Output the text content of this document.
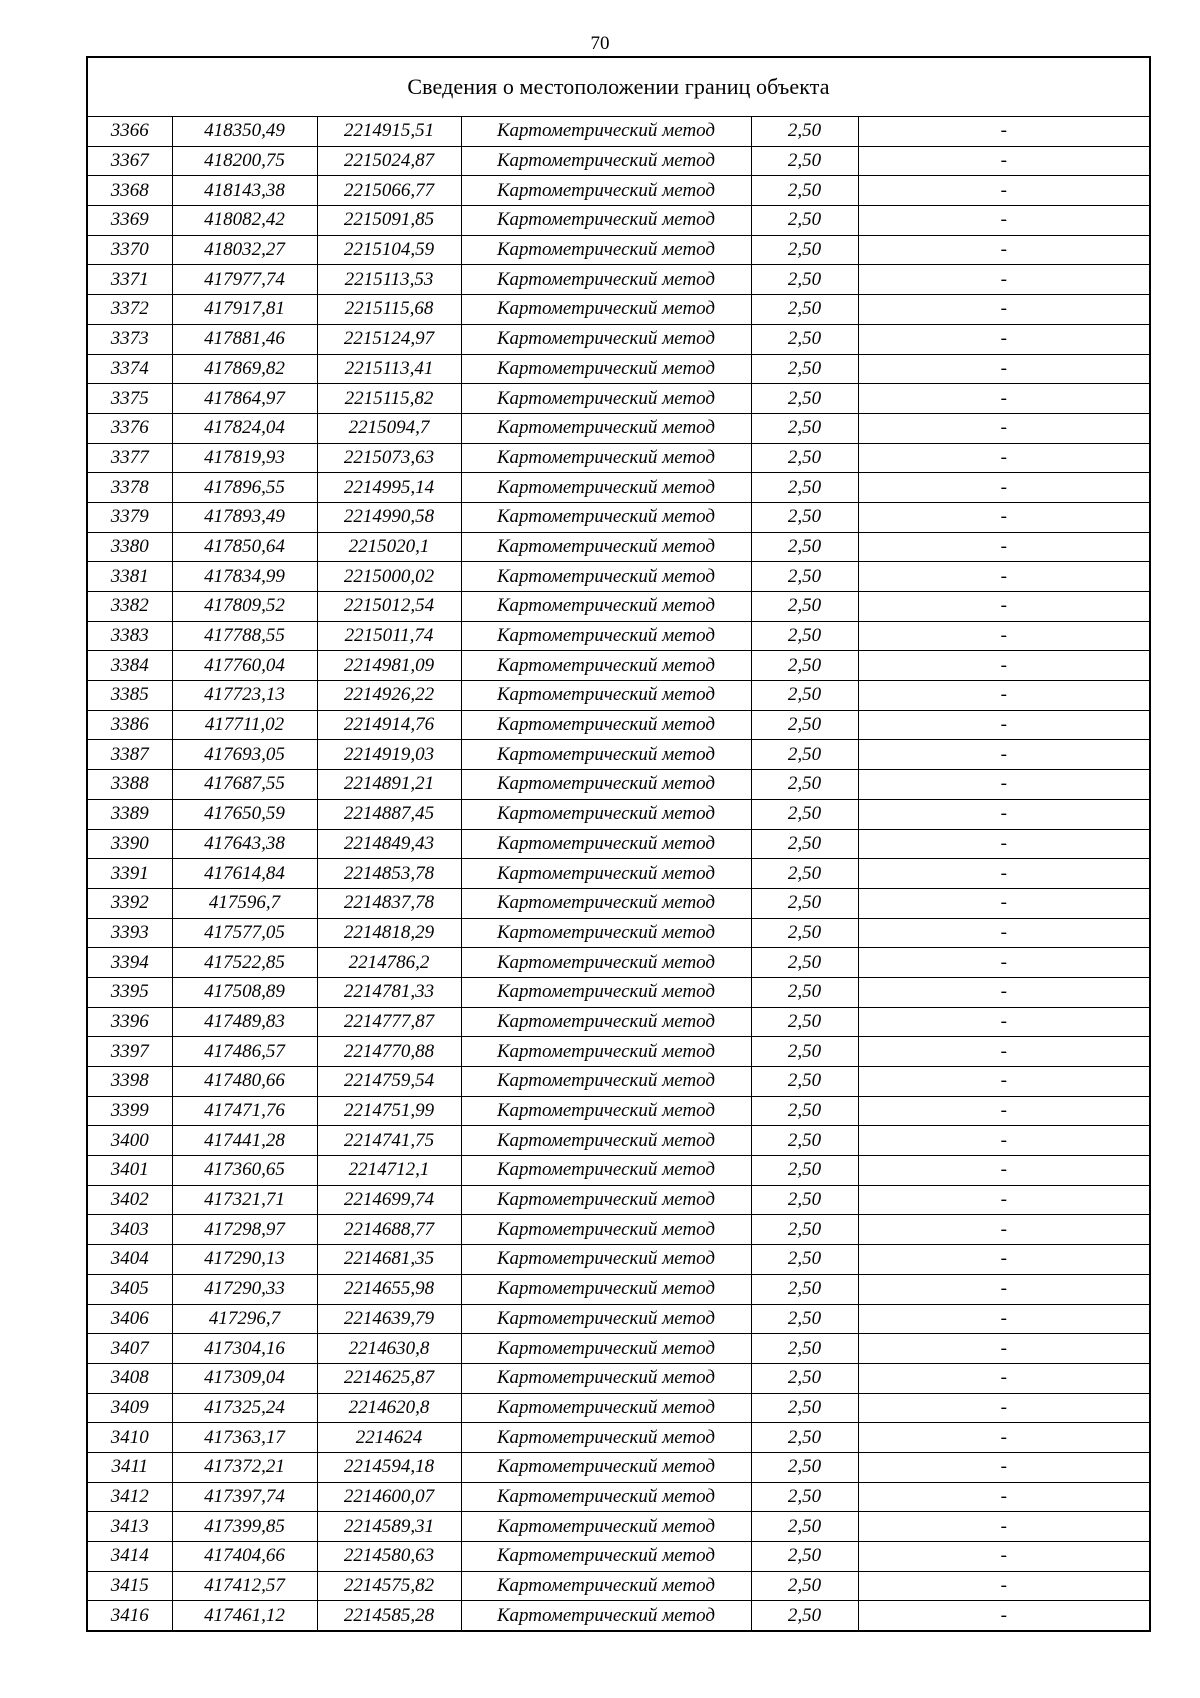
70
Сведения о местоположении границ объекта					
3366	418350,49	2214915,51	Картометрический метод	2,50	-
3367	418200,75	2215024,87	Картометрический метод	2,50	-
3368	418143,38	2215066,77	Картометрический метод	2,50	-
3369	418082,42	2215091,85	Картометрический метод	2,50	-
3370	418032,27	2215104,59	Картометрический метод	2,50	-
3371	417977,74	2215113,53	Картометрический метод	2,50	-
3372	417917,81	2215115,68	Картометрический метод	2,50	-
3373	417881,46	2215124,97	Картометрический метод	2,50	-
3374	417869,82	2215113,41	Картометрический метод	2,50	-
3375	417864,97	2215115,82	Картометрический метод	2,50	-
3376	417824,04	2215094,7	Картометрический метод	2,50	-
3377	417819,93	2215073,63	Картометрический метод	2,50	-
3378	417896,55	2214995,14	Картометрический метод	2,50	-
3379	417893,49	2214990,58	Картометрический метод	2,50	-
3380	417850,64	2215020,1	Картометрический метод	2,50	-
3381	417834,99	2215000,02	Картометрический метод	2,50	-
3382	417809,52	2215012,54	Картометрический метод	2,50	-
3383	417788,55	2215011,74	Картометрический метод	2,50	-
3384	417760,04	2214981,09	Картометрический метод	2,50	-
3385	417723,13	2214926,22	Картометрический метод	2,50	-
3386	417711,02	2214914,76	Картометрический метод	2,50	-
3387	417693,05	2214919,03	Картометрический метод	2,50	-
3388	417687,55	2214891,21	Картометрический метод	2,50	-
3389	417650,59	2214887,45	Картометрический метод	2,50	-
3390	417643,38	2214849,43	Картометрический метод	2,50	-
3391	417614,84	2214853,78	Картометрический метод	2,50	-
3392	417596,7	2214837,78	Картометрический метод	2,50	-
3393	417577,05	2214818,29	Картометрический метод	2,50	-
3394	417522,85	2214786,2	Картометрический метод	2,50	-
3395	417508,89	2214781,33	Картометрический метод	2,50	-
3396	417489,83	2214777,87	Картометрический метод	2,50	-
3397	417486,57	2214770,88	Картометрический метод	2,50	-
3398	417480,66	2214759,54	Картометрический метод	2,50	-
3399	417471,76	2214751,99	Картометрический метод	2,50	-
3400	417441,28	2214741,75	Картометрический метод	2,50	-
3401	417360,65	2214712,1	Картометрический метод	2,50	-
3402	417321,71	2214699,74	Картометрический метод	2,50	-
3403	417298,97	2214688,77	Картометрический метод	2,50	-
3404	417290,13	2214681,35	Картометрический метод	2,50	-
3405	417290,33	2214655,98	Картометрический метод	2,50	-
3406	417296,7	2214639,79	Картометрический метод	2,50	-
3407	417304,16	2214630,8	Картометрический метод	2,50	-
3408	417309,04	2214625,87	Картометрический метод	2,50	-
3409	417325,24	2214620,8	Картометрический метод	2,50	-
3410	417363,17	2214624	Картометрический метод	2,50	-
3411	417372,21	2214594,18	Картометрический метод	2,50	-
3412	417397,74	2214600,07	Картометрический метод	2,50	-
3413	417399,85	2214589,31	Картометрический метод	2,50	-
3414	417404,66	2214580,63	Картометрический метод	2,50	-
3415	417412,57	2214575,82	Картометрический метод	2,50	-
3416	417461,12	2214585,28	Картометрический метод	2,50	-
